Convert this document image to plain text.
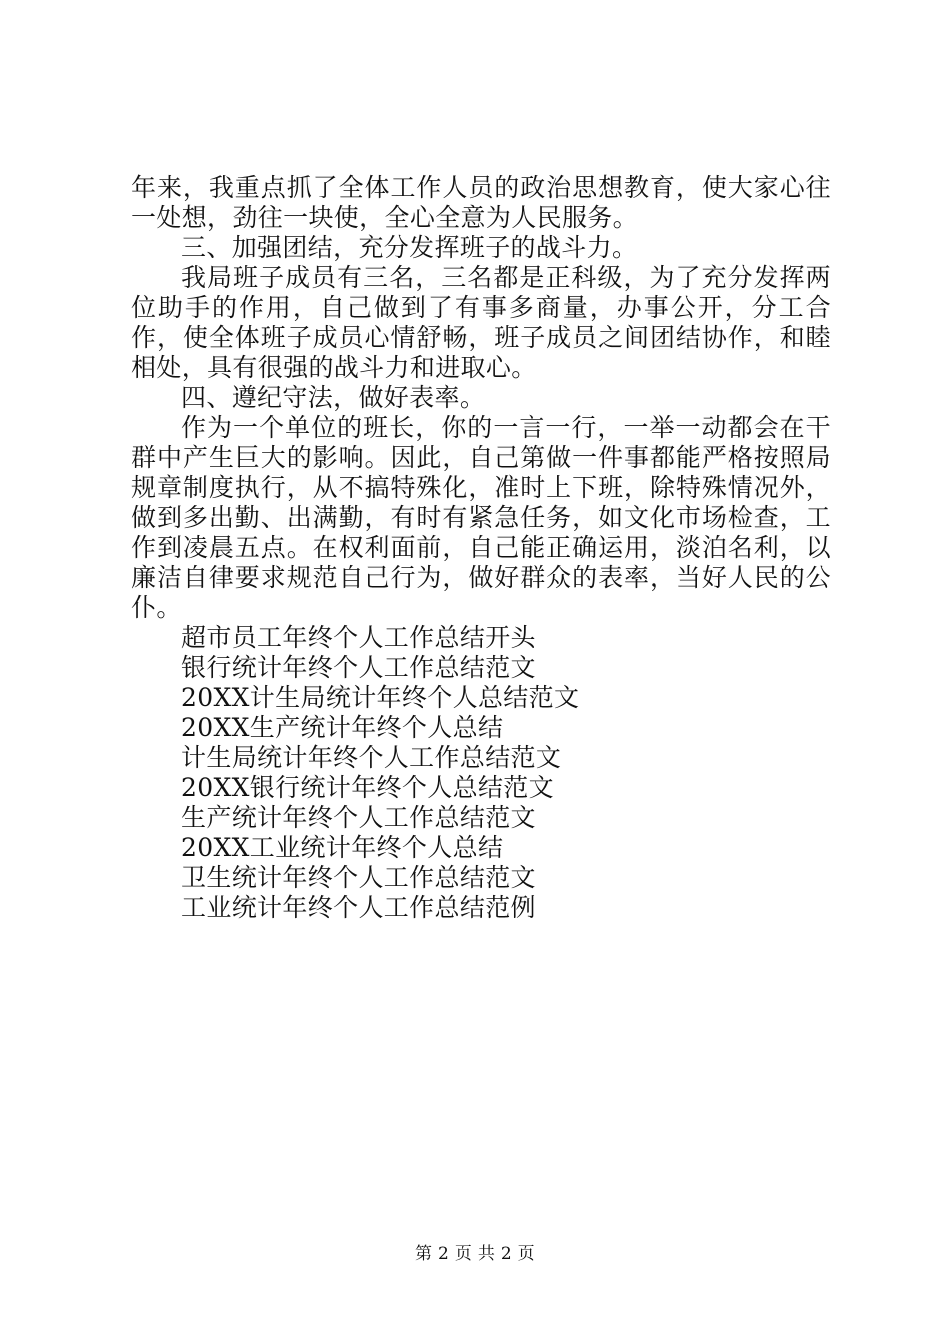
年来，我重点抓了全体工作人员的政治思想教育，使大家心往一处想，劲往一块使，全心全意为人民服务。

三、加强团结，充分发挥班子的战斗力。

我局班子成员有三名，三名都是正科级，为了充分发挥两位助手的作用，自己做到了有事多商量，办事公开，分工合作，使全体班子成员心情舒畅，班子成员之间团结协作，和睦相处，具有很强的战斗力和进取心。

四、遵纪守法，做好表率。

作为一个单位的班长，你的一言一行，一举一动都会在干群中产生巨大的影响。因此，自己第做一件事都能严格按照局规章制度执行，从不搞特殊化，准时上下班，除特殊情况外，做到多出勤、出满勤，有时有紧急任务，如文化市场检查，工作到凌晨五点。在权利面前，自己能正确运用，淡泊名利，以廉洁自律要求规范自己行为，做好群众的表率，当好人民的公仆。

超市员工年终个人工作总结开头
银行统计年终个人工作总结范文
20XX计生局统计年终个人总结范文
20XX生产统计年终个人总结
计生局统计年终个人工作总结范文
20XX银行统计年终个人总结范文
生产统计年终个人工作总结范文
20XX工业统计年终个人总结
卫生统计年终个人工作总结范文
工业统计年终个人工作总结范例
第 2 页 共 2 页
